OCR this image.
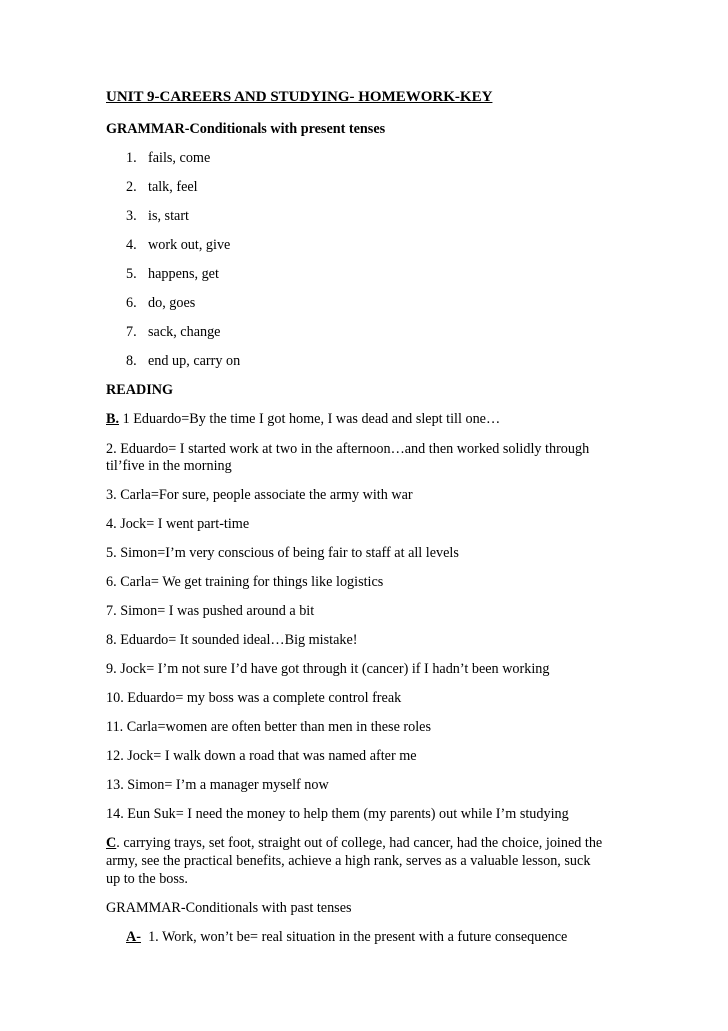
UNIT 9-CAREERS AND STUDYING- HOMEWORK-KEY
GRAMMAR-Conditionals with present tenses
1. fails, come
2. talk, feel
3. is, start
4. work out, give
5. happens, get
6. do, goes
7. sack, change
8. end up, carry on
READING
B. 1 Eduardo=By the time I got home, I was dead and slept till one…
2. Eduardo= I started work at two in the afternoon…and then worked solidly through
til’five in the morning
3. Carla=For sure, people associate the army with war
4. Jock= I went part-time
5. Simon=I’m very conscious of being fair to staff at all levels
6. Carla= We get training for things like logistics
7. Simon= I was pushed around a bit
8. Eduardo= It sounded ideal…Big mistake!
9. Jock= I’m not sure I’d have got through it (cancer) if I hadn’t been working
10. Eduardo= my boss was a complete control freak
11. Carla=women are often better than men in these roles
12. Jock= I walk down a road that was named after me
13. Simon= I’m a manager myself now
14. Eun Suk= I need the money to help them (my parents) out while I’m studying
C. carrying trays, set foot, straight out of college, had cancer, had the choice, joined the
army, see the practical benefits, achieve a high rank, serves as a valuable lesson, suck
up to the boss.
GRAMMAR-Conditionals with past tenses
A- 1. Work, won’t be= real situation in the present with a future consequence
